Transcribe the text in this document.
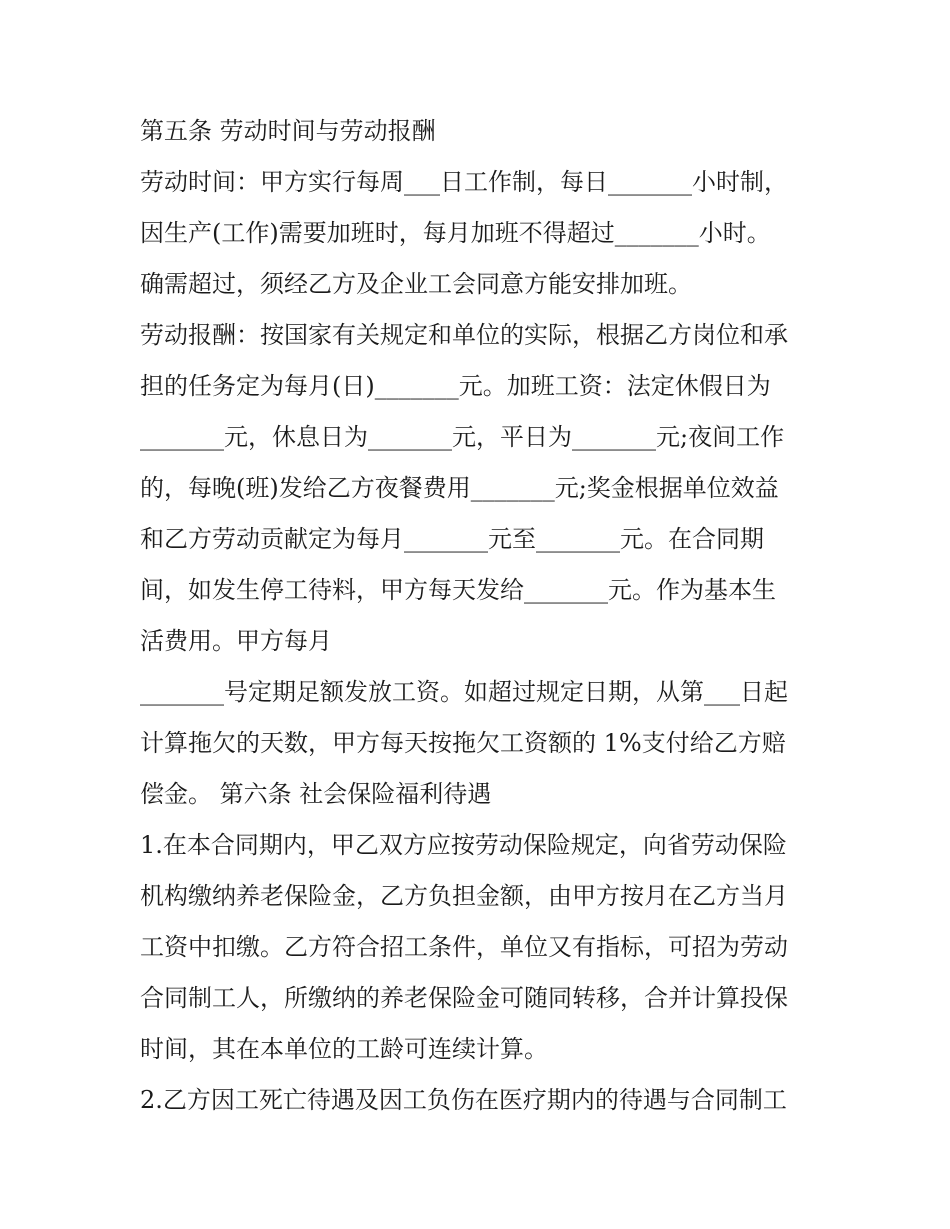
第五条 劳动时间与劳动报酬
劳动时间：甲方实行每周___日工作制，每日_______小时制，
因生产(工作)需要加班时，每月加班不得超过_______小时。
确需超过，须经乙方及企业工会同意方能安排加班。
劳动报酬：按国家有关规定和单位的实际，根据乙方岗位和承
担的任务定为每月(日)_______元。加班工资：法定休假日为
_______元，休息日为_______元，平日为_______元;夜间工作
的，每晚(班)发给乙方夜餐费用_______元;奖金根据单位效益
和乙方劳动贡献定为每月_______元至_______元。在合同期
间，如发生停工待料，甲方每天发给_______元。作为基本生
活费用。甲方每月
_______号定期足额发放工资。如超过规定日期，从第___日起
计算拖欠的天数，甲方每天按拖欠工资额的 1%支付给乙方赔
偿金。 第六条 社会保险福利待遇
1.在本合同期内，甲乙双方应按劳动保险规定，向省劳动保险
机构缴纳养老保险金，乙方负担金额，由甲方按月在乙方当月
工资中扣缴。乙方符合招工条件，单位又有指标，可招为劳动
合同制工人，所缴纳的养老保险金可随同转移，合并计算投保
时间，其在本单位的工龄可连续计算。
2.乙方因工死亡待遇及因工负伤在医疗期内的待遇与合同制工
